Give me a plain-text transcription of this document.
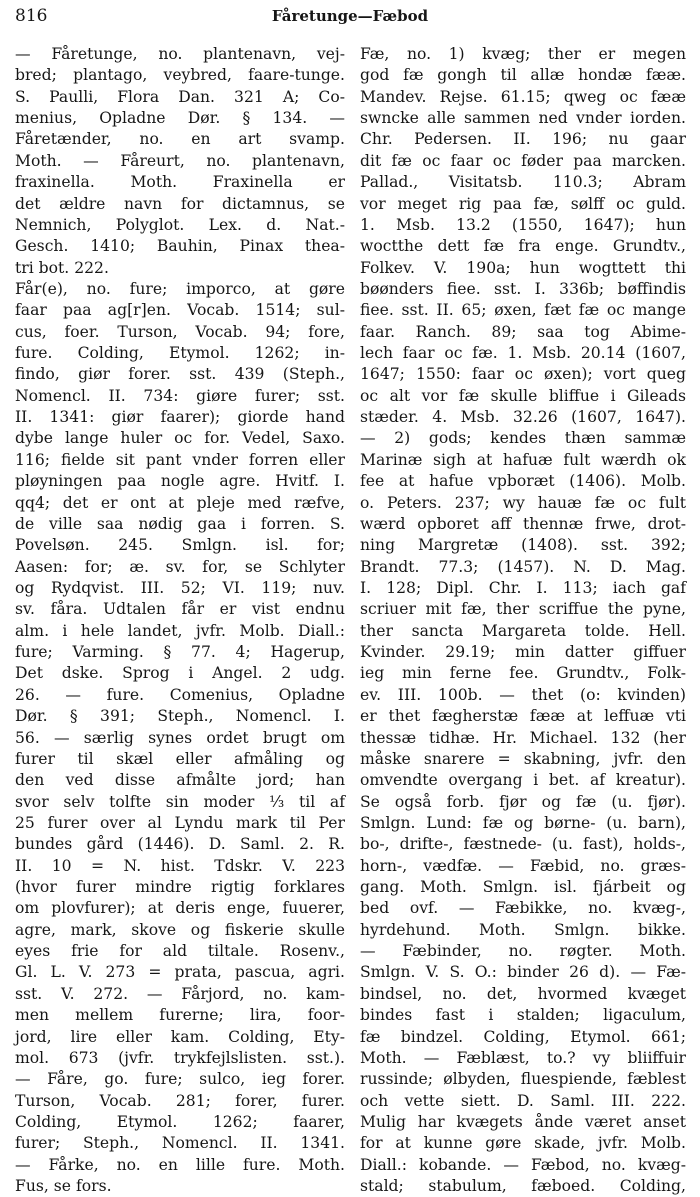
816	Fåretunge—Fæbod
— Fåretunge, no. plantenavn, vej-
bred; plantago, veybred, faare-tunge.
S. Paulli, Flora Dan. 321 A; Co-
menius, Opladne Dør. § 134. —
Fåretænder, no. en art svamp.
Moth. — Fåreurt, no. plantenavn,
fraxinella. Moth. Fraxinella er
det ældre navn for dictamnus, se
Nemnich, Polyglot. Lex. d. Nat.-
Gesch. 1410; Bauhin, Pinax thea-
tri bot. 222.
Får(e), no. fure; imporco, at gøre
faar paa ag[r]en. Vocab. 1514; sul-
cus, foer. Turson, Vocab. 94; fore,
fure. Colding, Etymol. 1262; in-
findo, giør forer. sst. 439 (Steph.,
Nomencl. II. 734: giøre furer; sst.
II. 1341: giør faarer); giorde hand
dybe lange huler oc for. Vedel, Saxo.
116; fielde sit pant vnder forren eller
pløyningen paa nogle agre. Hvitf. I.
qq4; det er ont at pleje med ræfve,
de ville saa nødig gaa i forren. S.
Povelsøn. 245. Smlgn. isl. for;
Aasen: for; æ. sv. for, se Schlyter
og Rydqvist. III. 52; VI. 119; nuv.
sv. fåra. Udtalen får er vist endnu
alm. i hele landet, jvfr. Molb. Diall.:
fure; Varming. § 77. 4; Hagerup,
Det dske. Sprog i Angel. 2 udg.
26. — fure. Comenius, Opladne
Dør. § 391; Steph., Nomencl. I.
56. — særlig synes ordet brugt om
furer til skæl eller afmåling og
den ved disse afmålte jord; han
svor selv tolfte sin moder ⅓ til af
25 furer over al Lyndu mark til Per
bundes gård (1446). D. Saml. 2. R.
II. 10 = N. hist. Tdskr. V. 223
(hvor furer mindre rigtig forklares
om plovfurer); at deris enge, fuuerer,
agre, mark, skove og fiskerie skulle
eyes frie for ald tiltale. Rosenv.,
Gl. L. V. 273 = prata, pascua, agri.
sst. V. 272. — Fårjord, no. kam-
men mellem furerne; lira, foor-
jord, lire eller kam. Colding, Ety-
mol. 673 (jvfr. trykfejlslisten. sst.).
— Fåre, go. fure; sulco, ieg forer.
Turson, Vocab. 281; forer, furer.
Colding, Etymol. 1262; faarer,
furer; Steph., Nomencl. II. 1341.
— Fårke, no. en lille fure. Moth.
Fus, se fors.
Fæ, no. 1) kvæg; ther er megen
god fæ gongh til allæ hondæ fææ.
Mandev. Rejse. 61.15; qweg oc fææ
swncke alle sammen ned vnder iorden.
Chr. Pedersen. II. 196; nu gaar
dit fæ oc faar oc føder paa marcken.
Pallad., Visitatsb. 110.3; Abram
vor meget rig paa fæ, sølff oc guld.
1. Msb. 13.2 (1550, 1647); hun
woctthe dett fæ fra enge. Grundtv.,
Folkev. V. 190a; hun wogttett thi
bøønders fiee. sst. I. 336b; bøffindis
fiee. sst. II. 65; øxen, fæt fæ oc mange
faar. Ranch. 89; saa tog Abime-
lech faar oc fæ. 1. Msb. 20.14 (1607,
1647; 1550: faar oc øxen); vort queg
oc alt vor fæ skulle bliffue i Gileads
stæder. 4. Msb. 32.26 (1607, 1647).
— 2) gods; kendes thæn sammæ
Marinæ sigh at hafuæ fult wærdh ok
fee at hafue vpboræt (1406). Molb.
o. Peters. 237; wy hauæ fæ oc fult
wærd opboret aff thennæ frwe, drot-
ning Margretæ (1408). sst. 392;
Brandt. 77.3; (1457). N. D. Mag.
I. 128; Dipl. Chr. I. 113; iach gaf
scriuer mit fæ, ther scriffue the pyne,
ther sancta Margareta tolde. Hell.
Kvinder. 29.19; min datter giffuer
ieg min ferne fee. Grundtv., Folk-
ev. III. 100b. — thet (o: kvinden)
er thet fægherstæ fææ at leffuæ vti
thessæ tidhæ. Hr. Michael. 132 (her
måske snarere = skabning, jvfr. den
omvendte overgang i bet. af kreatur).
Se også forb. fjør og fæ (u. fjør).
Smlgn. Lund: fæ og børne- (u. barn),
bo-, drifte-, fæstnede- (u. fast), holds-,
horn-, vædfæ. — Fæbid, no. græs-
gang. Moth. Smlgn. isl. fjárbeit og
bed ovf. — Fæbikke, no. kvæg-,
hyrdehund. Moth. Smlgn. bikke.
— Fæbinder, no. røgter. Moth.
Smlgn. V. S. O.: binder 26 d). — Fæ-
bindsel, no. det, hvormed kvæget
bindes fast i stalden; ligaculum,
fæ bindzel. Colding, Etymol. 661;
Moth. — Fæblæst, to.? vy bliiffuir
russinde; ølbyden, fluespiende, fæblest
och vette siett. D. Saml. III. 222.
Mulig har kvægets ånde været anset
for at kunne gøre skade, jvfr. Molb.
Diall.: kobande. — Fæbod, no. kvæg-
stald; stabulum, fæboed. Colding,
